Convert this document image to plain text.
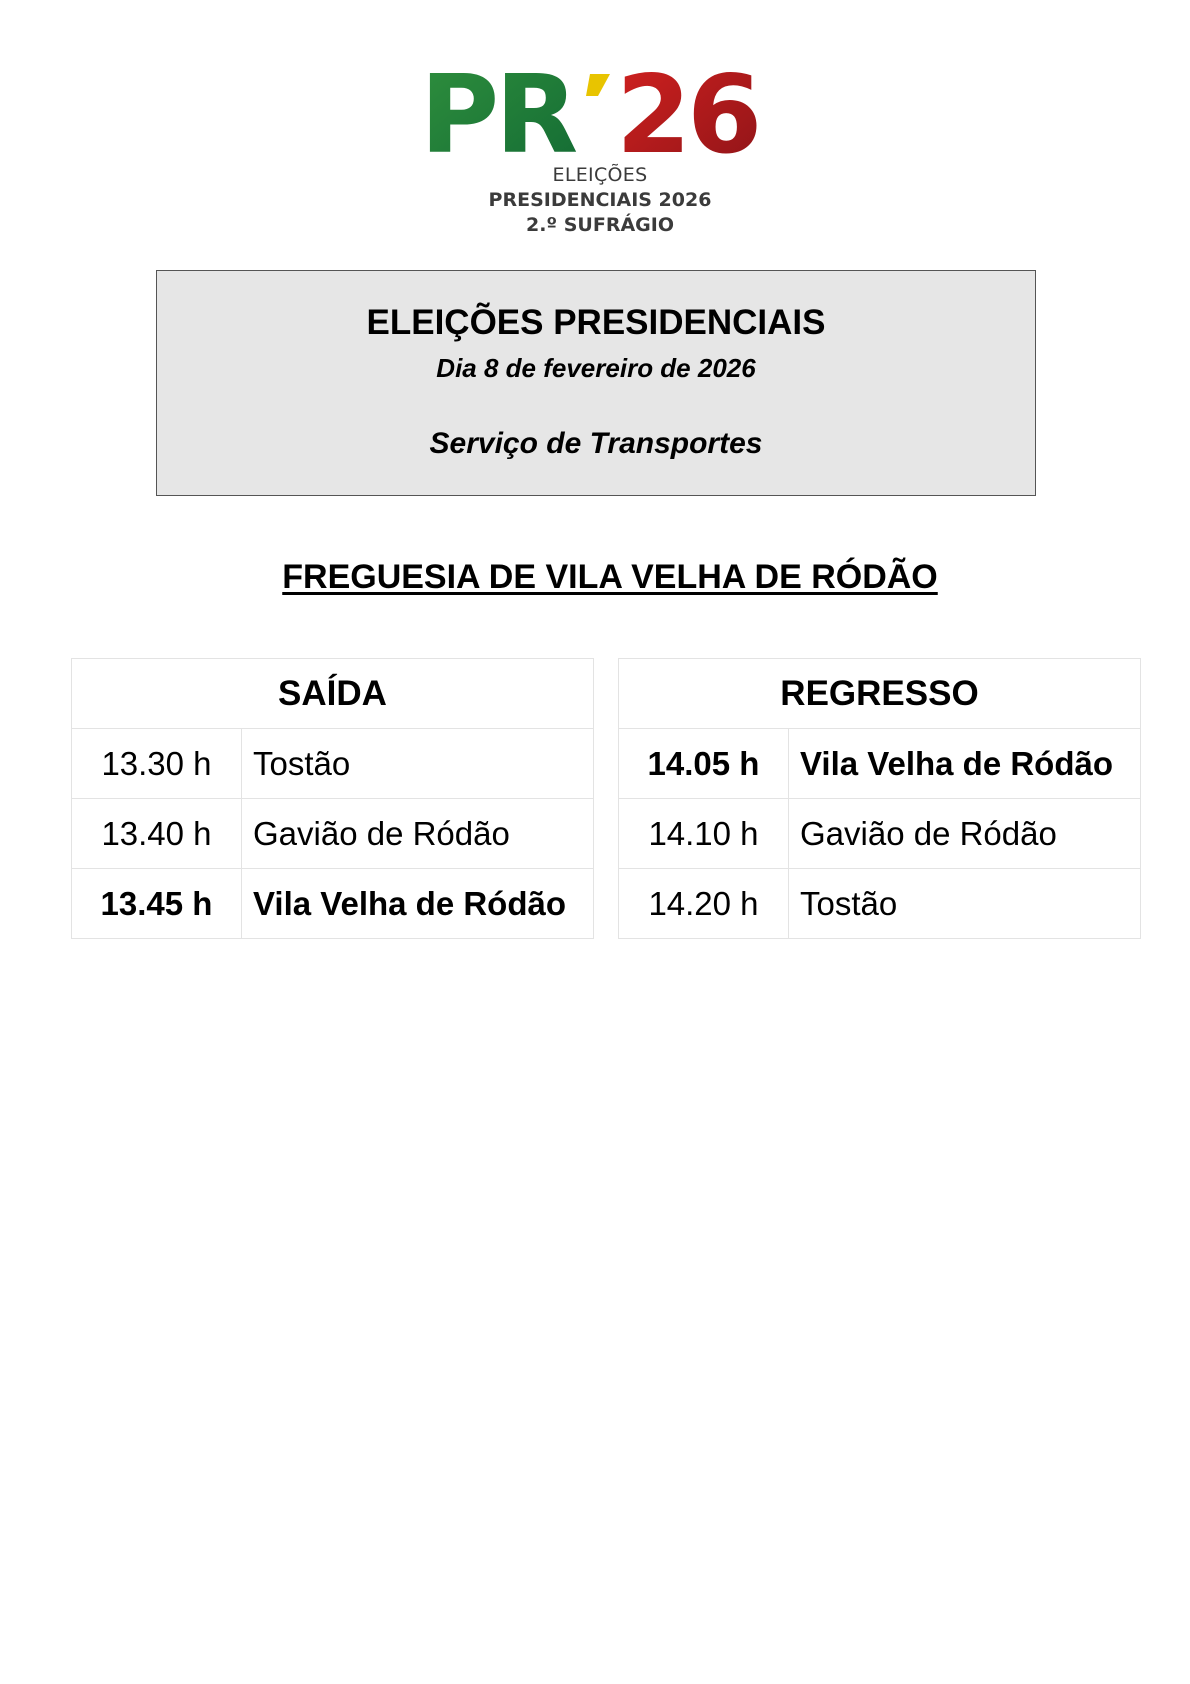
PR 26
ELEIÇÕES
PRESIDENCIAIS 2026
2.º SUFRÁGIO
ELEIÇÕES PRESIDENCIAIS
Dia 8 de fevereiro de 2026
Serviço de Transportes
FREGUESIA DE VILA VELHA DE RÓDÃO
SAÍDA	
13.30 h	Tostão
13.40 h	Gavião de Ródão
13.45 h	Vila Velha de Ródão
REGRESSO	
14.05 h	Vila Velha de Ródão
14.10 h	Gavião de Ródão
14.20 h	Tostão
